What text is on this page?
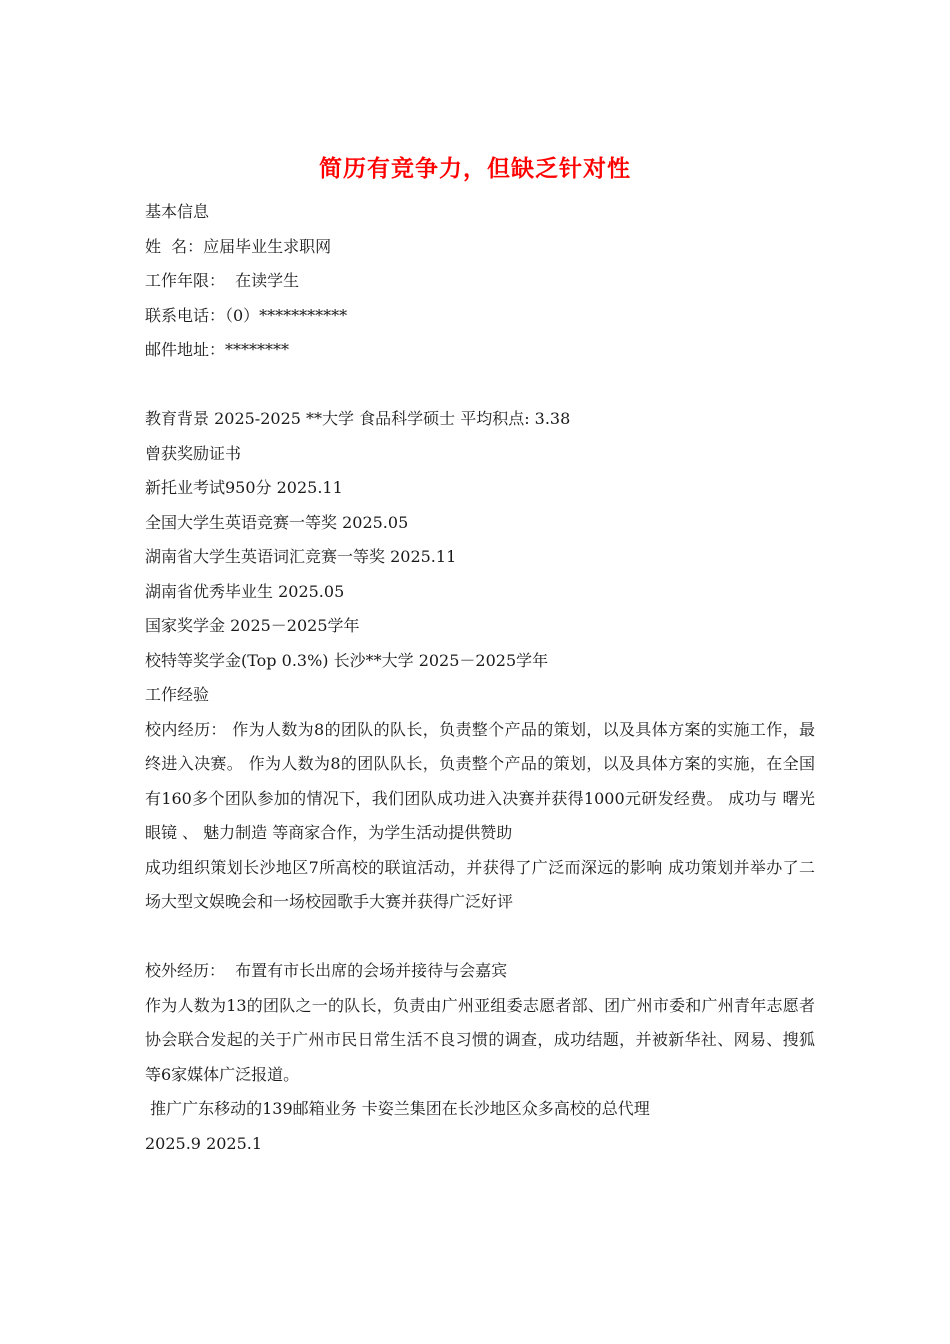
简历有竞争力，但缺乏针对性
基本信息
姓  名：应届毕业生求职网
工作年限：  在读学生
联系电话：（0）***********
邮件地址：********
教育背景 2025-2025 **大学 食品科学硕士 平均积点: 3.38
曾获奖励证书
新托业考试950分 2025.11
全国大学生英语竞赛一等奖 2025.05
湖南省大学生英语词汇竞赛一等奖 2025.11
湖南省优秀毕业生 2025.05
国家奖学金 2025－2025学年
校特等奖学金(Top 0.3%) 长沙**大学 2025－2025学年
工作经验
校内经历： 作为人数为8的团队的队长，负责整个产品的策划，以及具体方案的实施工作，最终进入决赛。 作为人数为8的团队队长，负责整个产品的策划，以及具体方案的实施，在全国有160多个团队参加的情况下，我们团队成功进入决赛并获得1000元研发经费。 成功与 曙光眼镜 、 魅力制造 等商家合作，为学生活动提供赞助
成功组织策划长沙地区7所高校的联谊活动，并获得了广泛而深远的影响 成功策划并举办了二场大型文娱晚会和一场校园歌手大赛并获得广泛好评
校外经历：  布置有市长出席的会场并接待与会嘉宾
作为人数为13的团队之一的队长，负责由广州亚组委志愿者部、团广州市委和广州青年志愿者协会联合发起的关于广州市民日常生活不良习惯的调查，成功结题，并被新华社、网易、搜狐等6家媒体广泛报道。
推广广东移动的139邮箱业务 卡姿兰集团在长沙地区众多高校的总代理
2025.9 2025.1
